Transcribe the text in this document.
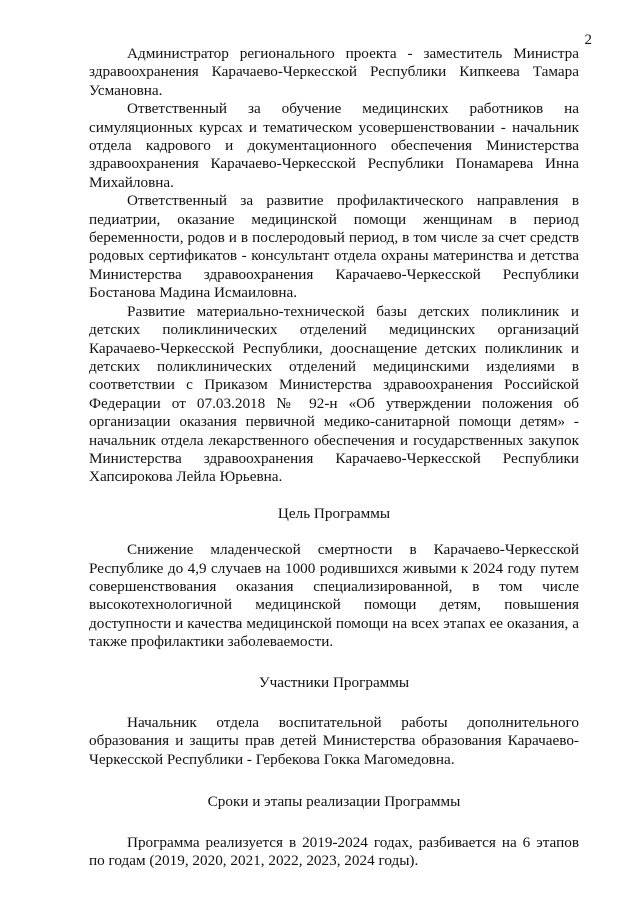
2

Администратор регионального проекта - заместитель Министра здравоохранения Карачаево-Черкесской Республики Кипкеева Тамара Усмановна.

Ответственный за обучение медицинских работников на симуляционных курсах и тематическом усовершенствовании - начальник отдела кадрового и документационного обеспечения Министерства здравоохранения Карачаево-Черкесской Республики Понамарева Инна Михайловна.

Ответственный за развитие профилактического направления в педиатрии, оказание медицинской помощи женщинам в период беременности, родов и в послеродовый период, в том числе за счет средств родовых сертификатов - консультант отдела охраны материнства и детства Министерства здравоохранения Карачаево-Черкесской Республики Бостанова Мадина Исмаиловна.

Развитие материально-технической базы детских поликлиник и детских поликлинических отделений медицинских организаций Карачаево-Черкесской Республики, дооснащение детских поликлиник и детских поликлинических отделений медицинскими изделиями в соответствии с Приказом Министерства здравоохранения Российской Федерации от 07.03.2018 № 92-н «Об утверждении положения об организации оказания первичной медико-санитарной помощи детям» - начальник отдела лекарственного обеспечения и государственных закупок Министерства здравоохранения Карачаево-Черкесской Республики Хапсирокова Лейла Юрьевна.

Цель Программы

Снижение младенческой смертности в Карачаево-Черкесской Республике до 4,9 случаев на 1000 родившихся живыми к 2024 году путем совершенствования оказания специализированной, в том числе высокотехнологичной медицинской помощи детям, повышения доступности и качества медицинской помощи на всех этапах ее оказания, а также профилактики заболеваемости.

Участники Программы

Начальник отдела воспитательной работы дополнительного образования и защиты прав детей Министерства образования Карачаево-Черкесской Республики - Гербекова Гокка Магомедовна.

Сроки и этапы реализации Программы

Программа реализуется в 2019-2024 годах, разбивается на 6 этапов по годам (2019, 2020, 2021, 2022, 2023, 2024 годы).
